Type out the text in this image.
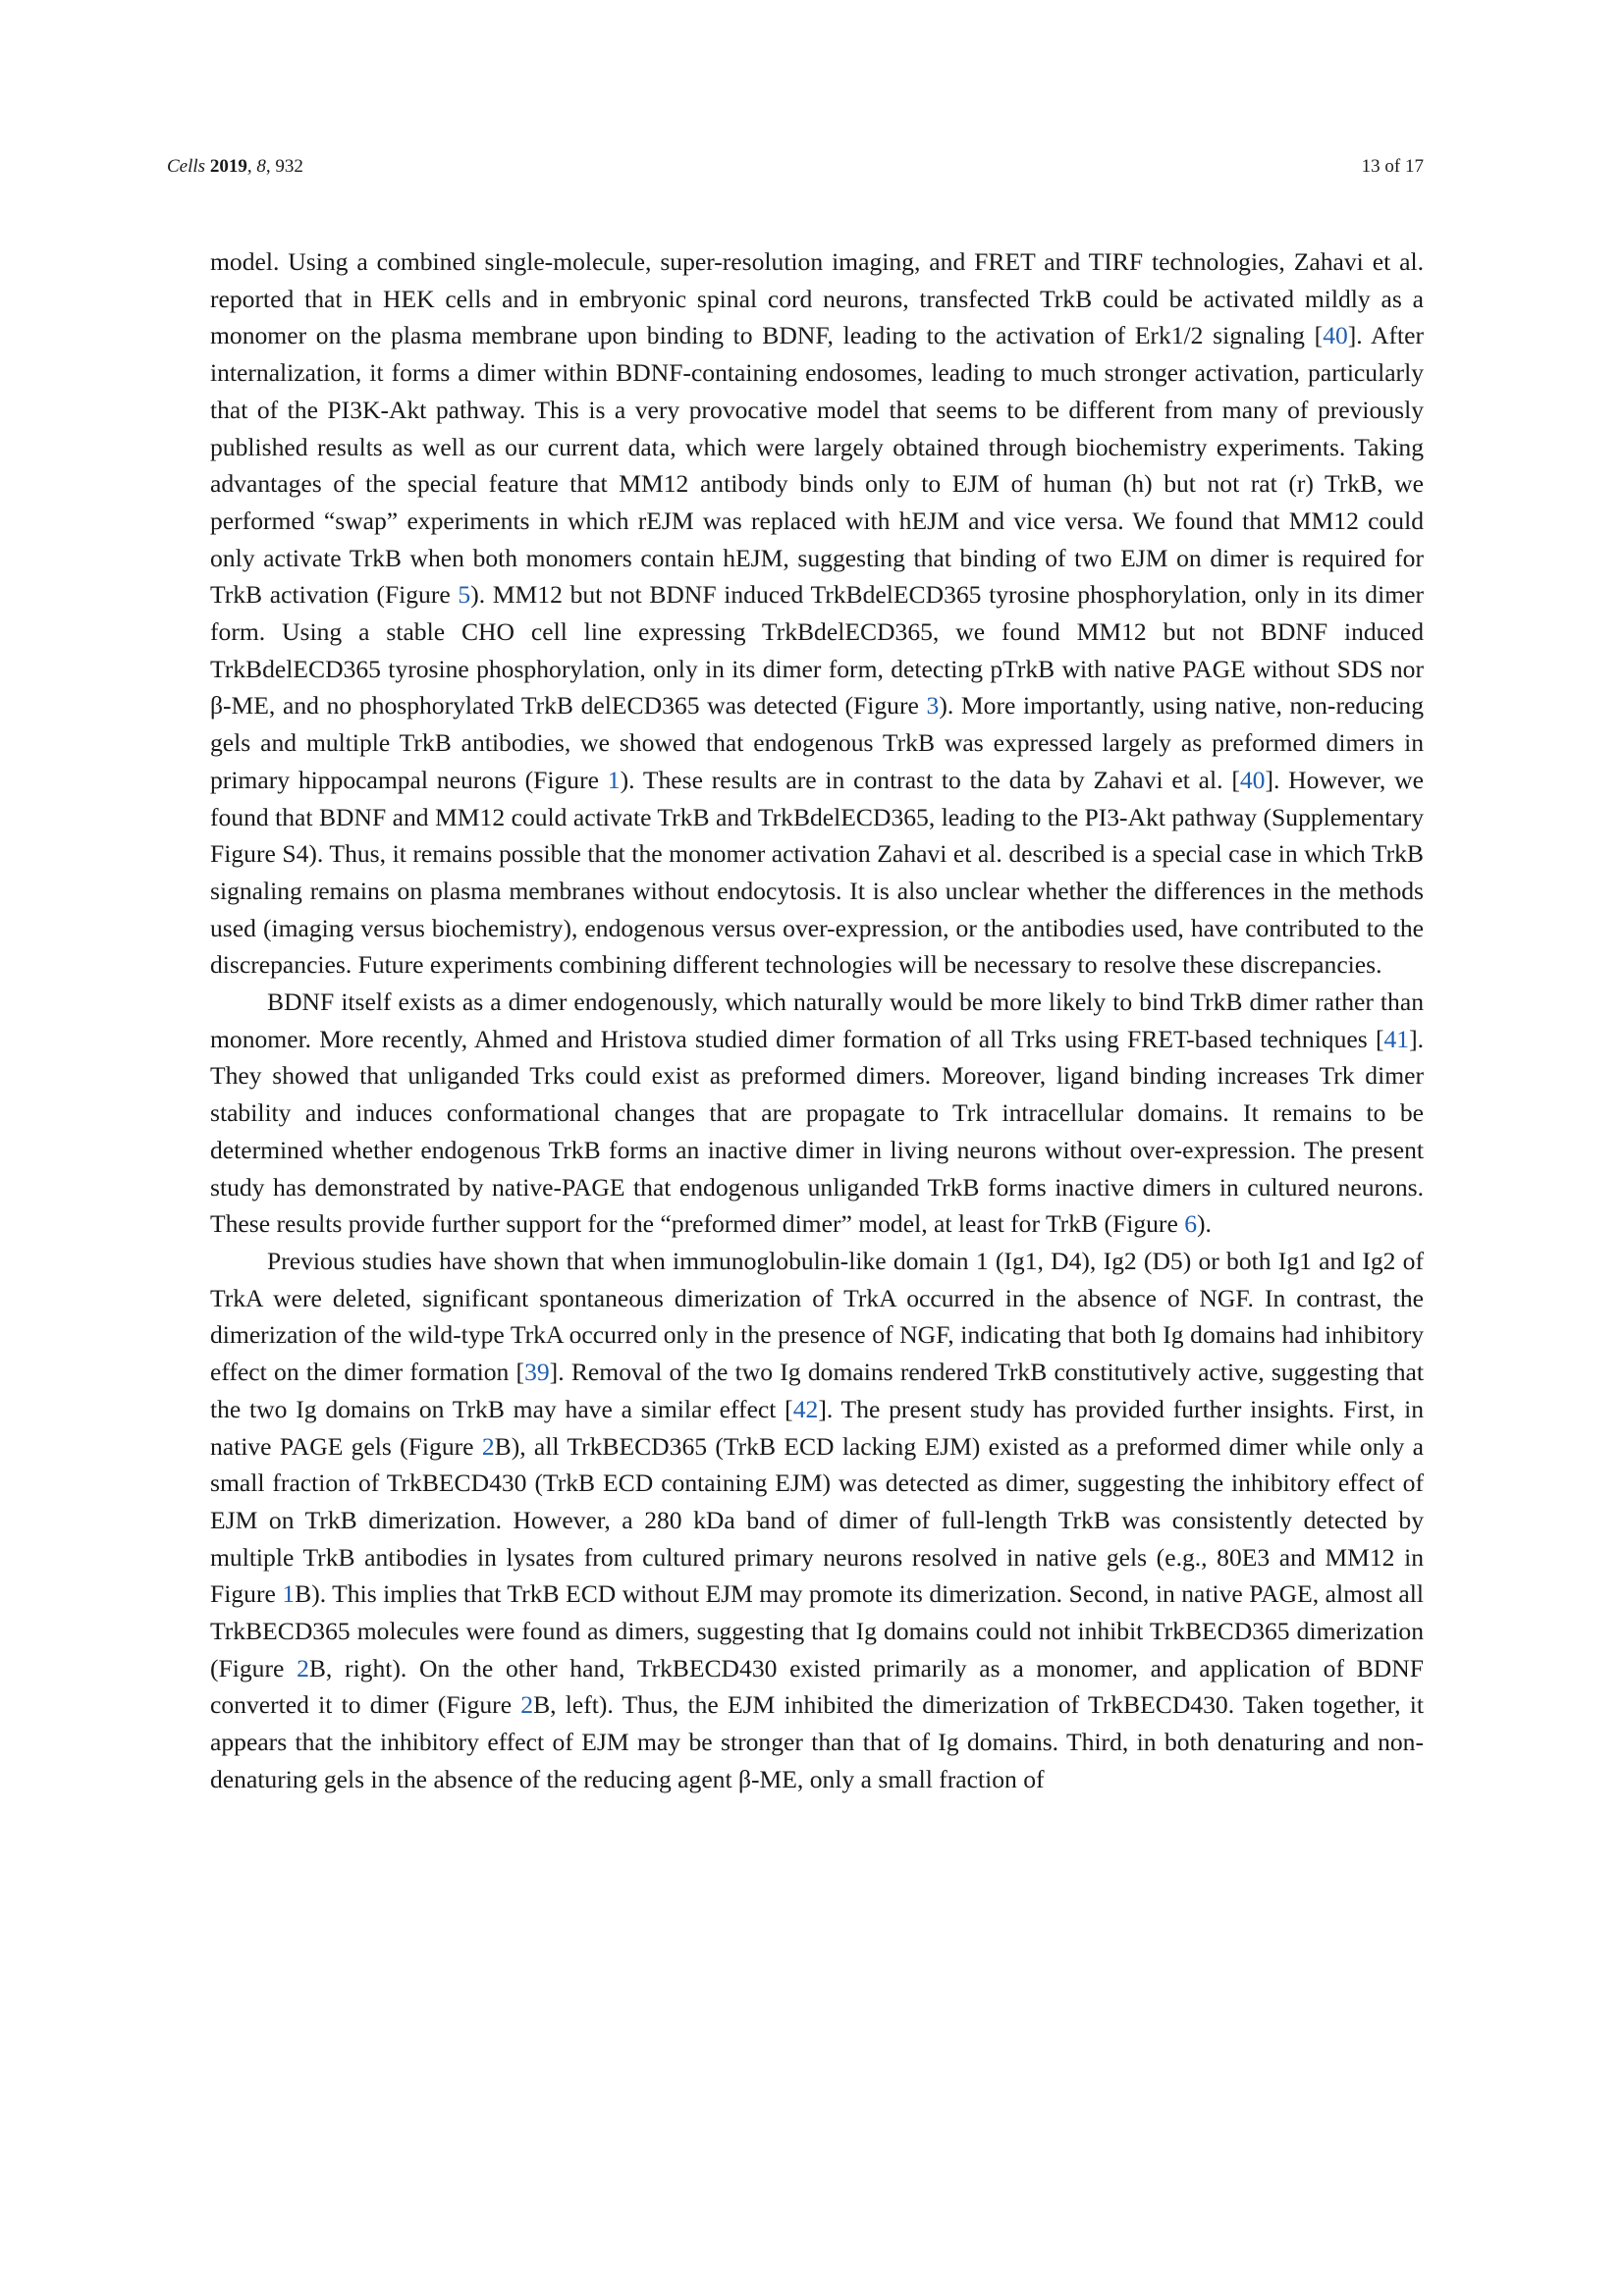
Cells 2019, 8, 932	13 of 17

model. Using a combined single-molecule, super-resolution imaging, and FRET and TIRF technologies, Zahavi et al. reported that in HEK cells and in embryonic spinal cord neurons, transfected TrkB could be activated mildly as a monomer on the plasma membrane upon binding to BDNF, leading to the activation of Erk1/2 signaling [40]. After internalization, it forms a dimer within BDNF-containing endosomes, leading to much stronger activation, particularly that of the PI3K-Akt pathway. This is a very provocative model that seems to be different from many of previously published results as well as our current data, which were largely obtained through biochemistry experiments. Taking advantages of the special feature that MM12 antibody binds only to EJM of human (h) but not rat (r) TrkB, we performed “swap” experiments in which rEJM was replaced with hEJM and vice versa. We found that MM12 could only activate TrkB when both monomers contain hEJM, suggesting that binding of two EJM on dimer is required for TrkB activation (Figure 5). MM12 but not BDNF induced TrkBdelECD365 tyrosine phosphorylation, only in its dimer form. Using a stable CHO cell line expressing TrkBdelECD365, we found MM12 but not BDNF induced TrkBdelECD365 tyrosine phosphorylation, only in its dimer form, detecting pTrkB with native PAGE without SDS nor β-ME, and no phosphorylated TrkB delECD365 was detected (Figure 3). More importantly, using native, non-reducing gels and multiple TrkB antibodies, we showed that endogenous TrkB was expressed largely as preformed dimers in primary hippocampal neurons (Figure 1). These results are in contrast to the data by Zahavi et al. [40]. However, we found that BDNF and MM12 could activate TrkB and TrkBdelECD365, leading to the PI3-Akt pathway (Supplementary Figure S4). Thus, it remains possible that the monomer activation Zahavi et al. described is a special case in which TrkB signaling remains on plasma membranes without endocytosis. It is also unclear whether the differences in the methods used (imaging versus biochemistry), endogenous versus over-expression, or the antibodies used, have contributed to the discrepancies. Future experiments combining different technologies will be necessary to resolve these discrepancies.

BDNF itself exists as a dimer endogenously, which naturally would be more likely to bind TrkB dimer rather than monomer. More recently, Ahmed and Hristova studied dimer formation of all Trks using FRET-based techniques [41]. They showed that unliganded Trks could exist as preformed dimers. Moreover, ligand binding increases Trk dimer stability and induces conformational changes that are propagate to Trk intracellular domains. It remains to be determined whether endogenous TrkB forms an inactive dimer in living neurons without over-expression. The present study has demonstrated by native-PAGE that endogenous unliganded TrkB forms inactive dimers in cultured neurons. These results provide further support for the “preformed dimer” model, at least for TrkB (Figure 6).

Previous studies have shown that when immunoglobulin-like domain 1 (Ig1, D4), Ig2 (D5) or both Ig1 and Ig2 of TrkA were deleted, significant spontaneous dimerization of TrkA occurred in the absence of NGF. In contrast, the dimerization of the wild-type TrkA occurred only in the presence of NGF, indicating that both Ig domains had inhibitory effect on the dimer formation [39]. Removal of the two Ig domains rendered TrkB constitutively active, suggesting that the two Ig domains on TrkB may have a similar effect [42]. The present study has provided further insights. First, in native PAGE gels (Figure 2B), all TrkBECD365 (TrkB ECD lacking EJM) existed as a preformed dimer while only a small fraction of TrkBECD430 (TrkB ECD containing EJM) was detected as dimer, suggesting the inhibitory effect of EJM on TrkB dimerization. However, a 280 kDa band of dimer of full-length TrkB was consistently detected by multiple TrkB antibodies in lysates from cultured primary neurons resolved in native gels (e.g., 80E3 and MM12 in Figure 1B). This implies that TrkB ECD without EJM may promote its dimerization. Second, in native PAGE, almost all TrkBECD365 molecules were found as dimers, suggesting that Ig domains could not inhibit TrkBECD365 dimerization (Figure 2B, right). On the other hand, TrkBECD430 existed primarily as a monomer, and application of BDNF converted it to dimer (Figure 2B, left). Thus, the EJM inhibited the dimerization of TrkBECD430. Taken together, it appears that the inhibitory effect of EJM may be stronger than that of Ig domains. Third, in both denaturing and non-denaturing gels in the absence of the reducing agent β-ME, only a small fraction of
